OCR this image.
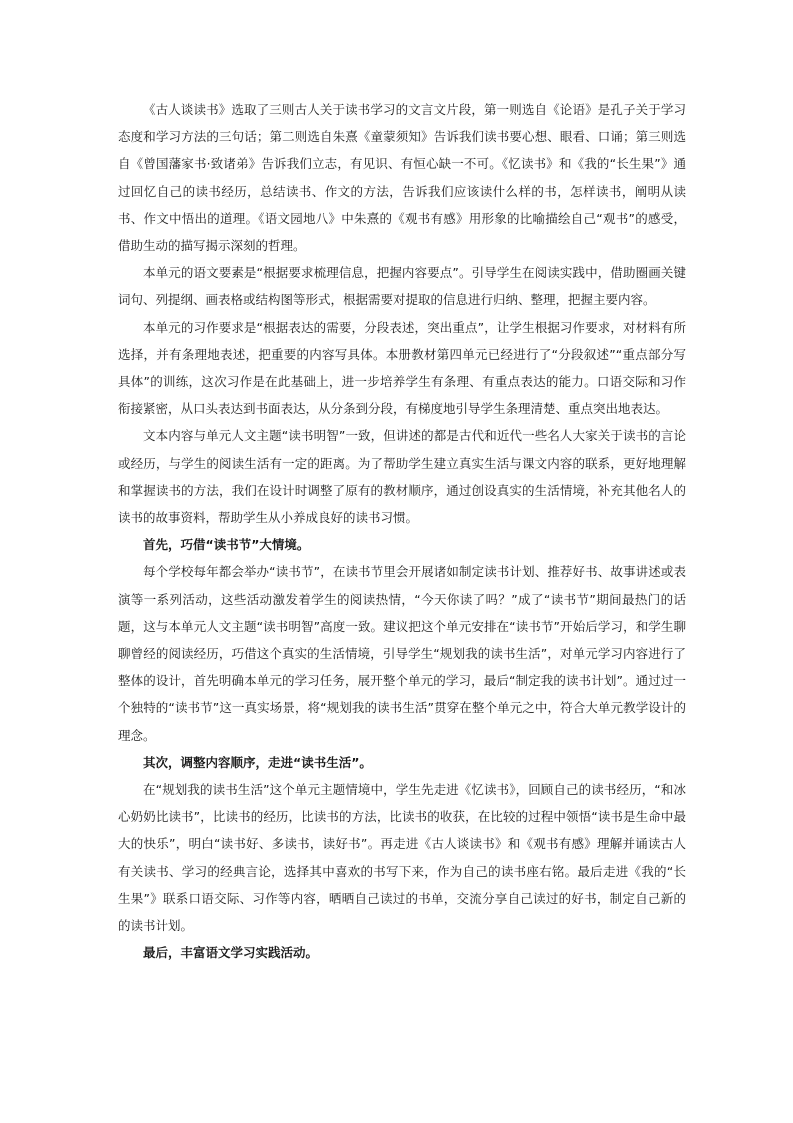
《古人谈读书》选取了三则古人关于读书学习的文言文片段，第一则选自《论语》是孔子关于学习态度和学习方法的三句话；第二则选自朱熹《童蒙须知》告诉我们读书要心想、眼看、口诵；第三则选自《曾国藩家书·致诸弟》告诉我们立志，有见识、有恒心缺一不可。《忆读书》和《我的“长生果”》通过回忆自己的读书经历，总结读书、作文的方法，告诉我们应该读什么样的书，怎样读书，阐明从读书、作文中悟出的道理。《语文园地八》中朱熹的《观书有感》用形象的比喻描绘自己“观书”的感受，借助生动的描写揭示深刻的哲理。

本单元的语文要素是“根据要求梳理信息，把握内容要点”。引导学生在阅读实践中，借助圈画关键词句、列提纲、画表格或结构图等形式，根据需要对提取的信息进行归纳、整理，把握主要内容。

本单元的习作要求是“根据表达的需要，分段表述，突出重点”，让学生根据习作要求，对材料有所选择，并有条理地表述，把重要的内容写具体。本册教材第四单元已经进行了“分段叙述”“重点部分写具体”的训练，这次习作是在此基础上，进一步培养学生有条理、有重点表达的能力。口语交际和习作衔接紧密，从口头表达到书面表达，从分条到分段，有梯度地引导学生条理清楚、重点突出地表达。

文本内容与单元人文主题“读书明智”一致，但讲述的都是古代和近代一些名人大家关于读书的言论或经历，与学生的阅读生活有一定的距离。为了帮助学生建立真实生活与课文内容的联系，更好地理解和掌握读书的方法，我们在设计时调整了原有的教材顺序，通过创设真实的生活情境，补充其他名人的读书的故事资料，帮助学生从小养成良好的读书习惯。

首先，巧借“读书节”大情境。

每个学校每年都会举办“读书节”，在读书节里会开展诸如制定读书计划、推荐好书、故事讲述或表演等一系列活动，这些活动激发着学生的阅读热情，“今天你读了吗？”成了“读书节”期间最热门的话题，这与本单元人文主题“读书明智”高度一致。建议把这个单元安排在“读书节”开始后学习，和学生聊聊曾经的阅读经历，巧借这个真实的生活情境，引导学生“规划我的读书生活”，对单元学习内容进行了整体的设计，首先明确本单元的学习任务，展开整个单元的学习，最后“制定我的读书计划”。通过过一个独特的“读书节”这一真实场景，将“规划我的读书生活”贯穿在整个单元之中，符合大单元教学设计的理念。

其次，调整内容顺序，走进“读书生活”。

在“规划我的读书生活”这个单元主题情境中，学生先走进《忆读书》，回顾自己的读书经历，“和冰心奶奶比读书”，比读书的经历，比读书的方法，比读书的收获，在比较的过程中领悟“读书是生命中最大的快乐”，明白“读书好、多读书，读好书”。再走进《古人谈读书》和《观书有感》理解并诵读古人有关读书、学习的经典言论，选择其中喜欢的书写下来，作为自己的读书座右铭。最后走进《我的“长生果”》联系口语交际、习作等内容，晒晒自己读过的书单，交流分享自己读过的好书，制定自己新的的读书计划。

最后，丰富语文学习实践活动。
